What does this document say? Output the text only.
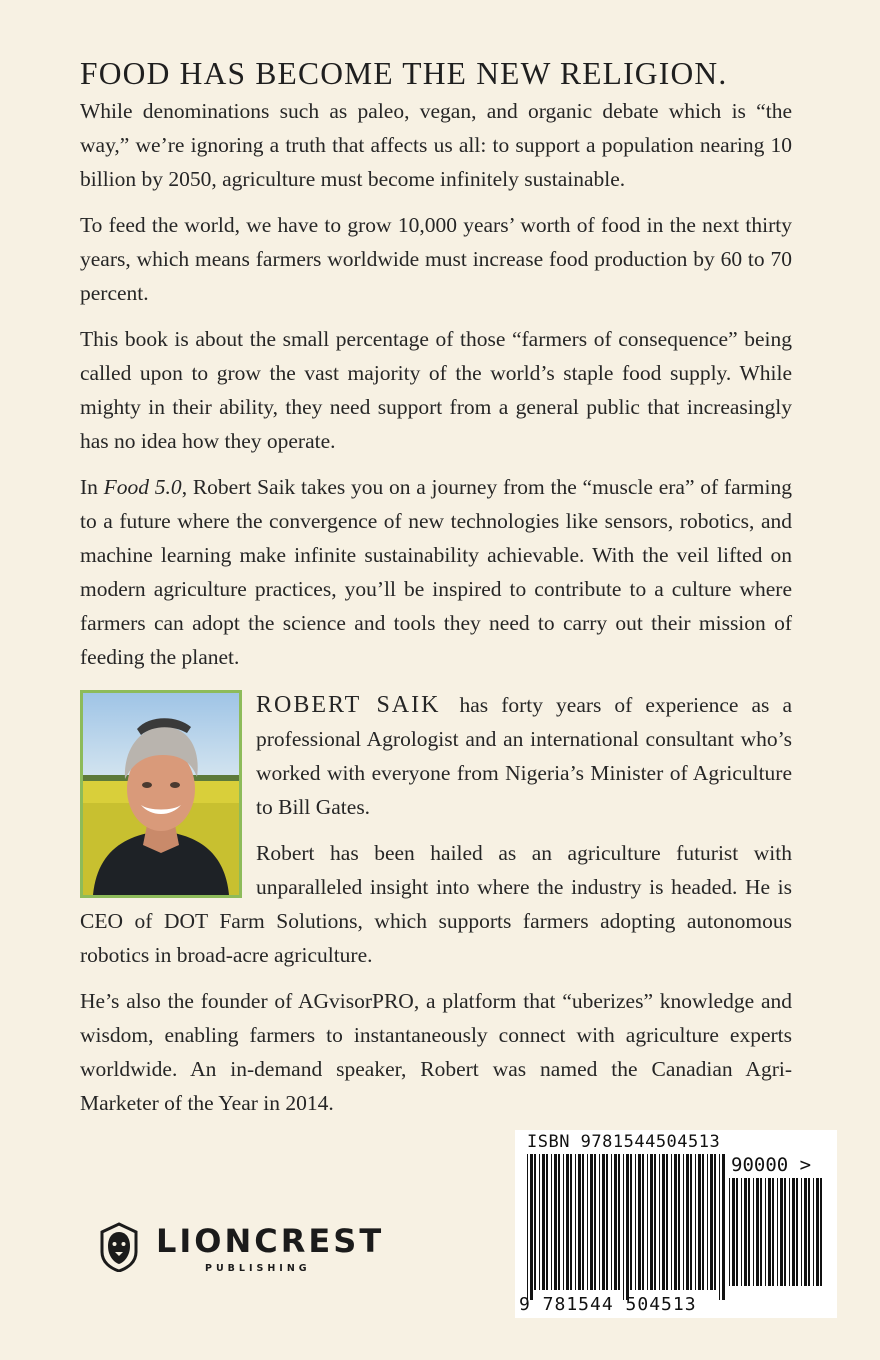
FOOD HAS BECOME THE NEW RELIGION.

While denominations such as paleo, vegan, and organic debate which is “the way,” we’re ignoring a truth that affects us all: to support a population nearing 10 billion by 2050, agriculture must become infinitely sustainable.

To feed the world, we have to grow 10,000 years’ worth of food in the next thirty years, which means farmers worldwide must increase food production by 60 to 70 percent.

This book is about the small percentage of those “farmers of consequence” being called upon to grow the vast majority of the world’s staple food supply. While mighty in their ability, they need support from a general public that increasingly has no idea how they operate.

In Food 5.0, Robert Saik takes you on a journey from the “muscle era” of farming to a future where the convergence of new technologies like sensors, robotics, and machine learning make infinite sustainability achievable. With the veil lifted on modern agriculture practices, you’ll be inspired to contribute to a culture where farmers can adopt the science and tools they need to carry out their mission of feeding the planet.

ROBERT SAIK has forty years of experience as a professional Agrologist and an international consultant who’s worked with everyone from Nigeria’s Minister of Agriculture to Bill Gates.

Robert has been hailed as an agriculture futurist with unparalleled insight into where the industry is headed. He is CEO of DOT Farm Solutions, which supports farmers adopting autonomous robotics in broad-acre agriculture.

He’s also the founder of AGvisorPRO, a platform that “uberizes” knowledge and wisdom, enabling farmers to instantaneously connect with agriculture experts worldwide. An in-demand speaker, Robert was named the Canadian Agri-Marketer of the Year in 2014.

LIONCREST
PUBLISHING
ISBN 9781544504513
90000 >
9 781544 504513
